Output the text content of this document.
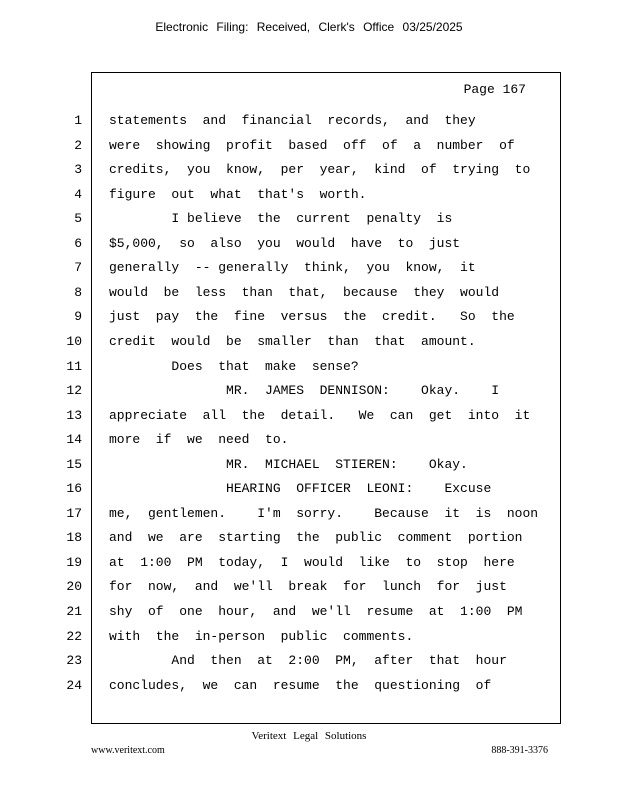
Electronic Filing: Received, Clerk's Office 03/25/2025
Page 167
1 statements  and  financial  records,  and  they
2 were  showing  profit  based  off  of  a  number  of
3 credits,  you  know,  per  year,  kind  of  trying  to
4 figure  out  what  that's  worth.
5 I believe  the  current  penalty  is
6 $5,000,  so  also  you  would  have  to  just
7 generally  -- generally  think,  you  know,  it
8 would  be  less  than  that,  because  they  would
9 just  pay  the  fine  versus  the  credit.   So  the
10 credit  would  be  smaller  than  that  amount.
11 Does  that  make  sense?
12 MR.  JAMES  DENNISON:    Okay.    I
13 appreciate  all  the  detail.   We  can  get  into  it
14 more  if  we  need  to.
15 MR.  MICHAEL  STIEREN:    Okay.
16 HEARING  OFFICER  LEONI:    Excuse
17 me,  gentlemen.    I'm  sorry.    Because  it  is  noon
18 and  we  are  starting  the  public  comment  portion
19 at  1:00  PM  today,  I  would  like  to  stop  here
20 for  now,  and  we'll  break  for  lunch  for  just
21 shy  of  one  hour,  and  we'll  resume  at  1:00  PM
22 with  the  in-person  public  comments.
23 And  then  at  2:00  PM,  after  that  hour
24 concludes,  we  can  resume  the  questioning  of
Veritext Legal Solutions
www.veritext.com	888-391-3376
